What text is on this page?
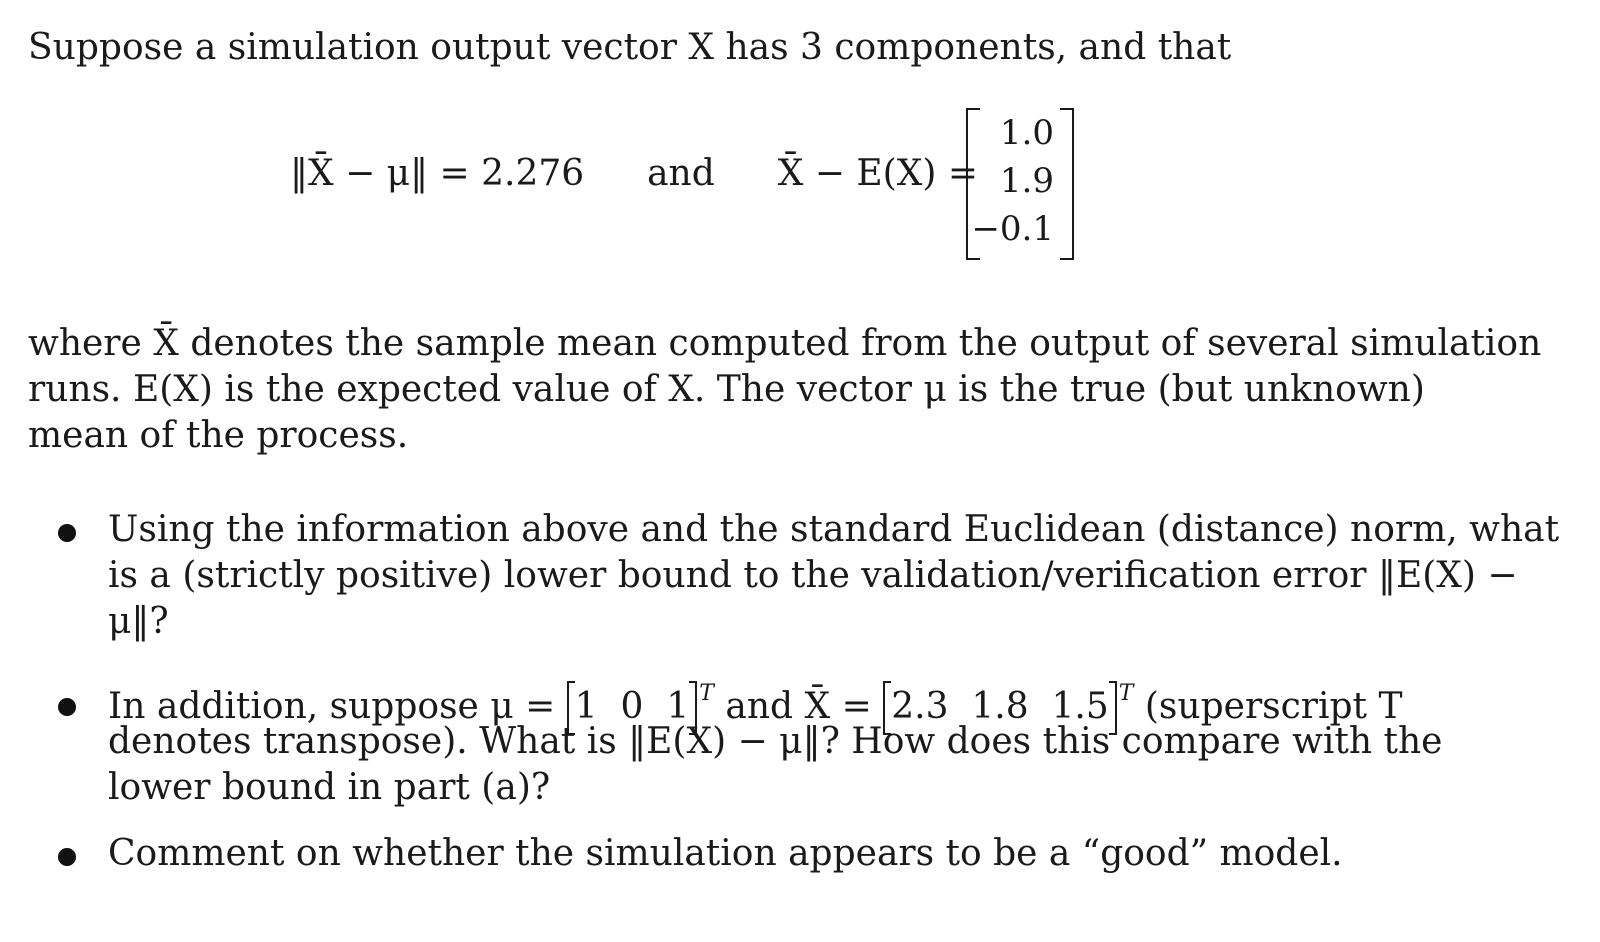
Suppose a simulation output vector X has 3 components, and that
‖X̄ − μ‖ = 2.276 and X̄ − E(X) =
1.0
1.9
−0.1
where X̄ denotes the sample mean computed from the output of several simulation
runs. E(X) is the expected value of X. The vector μ is the true (but unknown)
mean of the process.
Using the information above and the standard Euclidean (distance) norm, what
is a (strictly positive) lower bound to the validation/verification error ‖E(X) −
μ‖?
In addition, suppose μ = 1  0  1 $^T$ and X̄ = 2.3  1.8  1.5 $^T$ (superscript T
denotes transpose). What is ‖E(X) − μ‖? How does this compare with the
lower bound in part (a)?
Comment on whether the simulation appears to be a “good” model.
